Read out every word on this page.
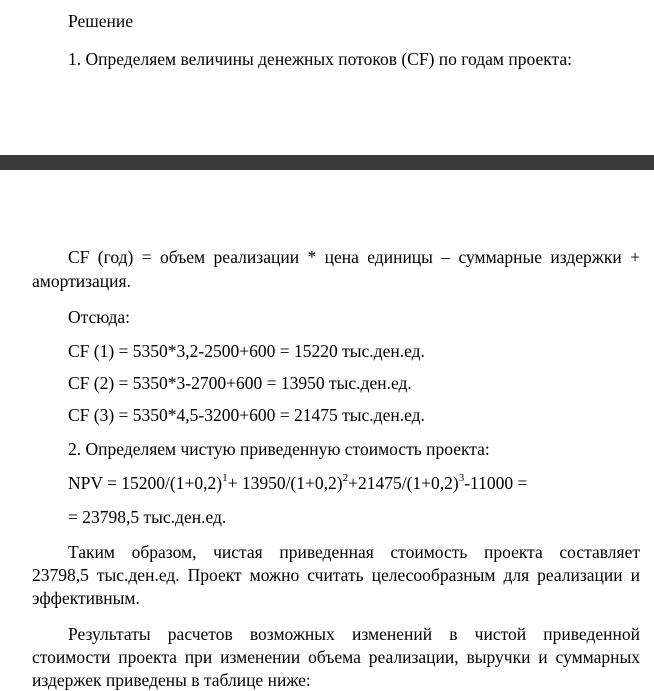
Решение
1. Определяем величины денежных потоков (CF) по годам проекта:
CF (год) = объем реализации * цена единицы – суммарные издержки +
амортизация.
Отсюда:
CF (1) = 5350*3,2-2500+600 = 15220 тыс.ден.ед.
CF (2) = 5350*3-2700+600 = 13950 тыс.ден.ед.
CF (3) = 5350*4,5-3200+600 = 21475 тыс.ден.ед.
2. Определяем чистую приведенную стоимость проекта:
NPV = $15200/(1+0,2)^1+ 13950/(1+0,2)^2+21475/(1+0,2)^3-11000$ =
= 23798,5 тыс.ден.ед.
Таким образом, чистая приведенная стоимость проекта составляет
23798,5 тыс.ден.ед. Проект можно считать целесообразным для реализации и
эффективным.
Результаты расчетов возможных изменений в чистой приведенной
стоимости проекта при изменении объема реализации, выручки и суммарных
издержек приведены в таблице ниже:
